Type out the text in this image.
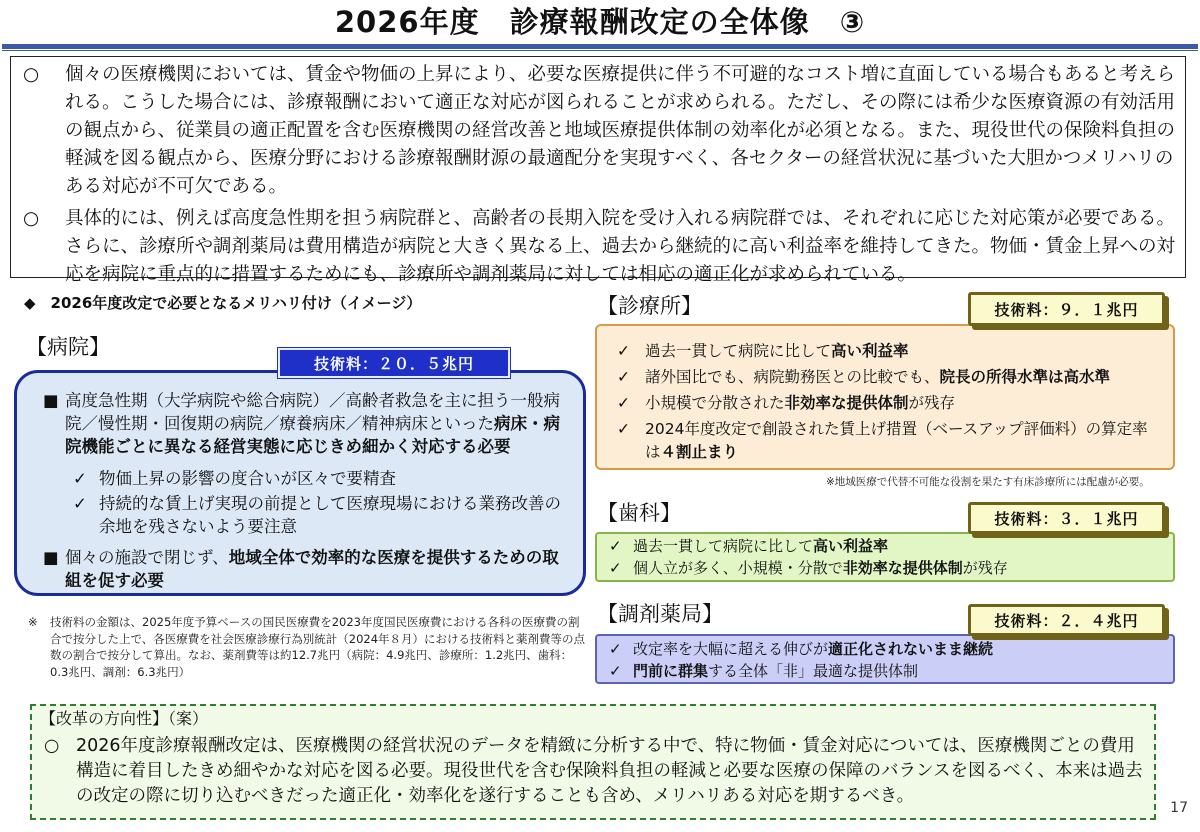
2026年度　診療報酬改定の全体像　③
○ 個々の医療機関においては、賃金や物価の上昇により、必要な医療提供に伴う不可避的なコスト増に直面している場合もあると考えられる。こうした場合には、診療報酬において適正な対応が図られることが求められる。ただし、その際には希少な医療資源の有効活用の観点から、従業員の適正配置を含む医療機関の経営改善と地域医療提供体制の効率化が必須となる。また、現役世代の保険料負担の軽減を図る観点から、医療分野における診療報酬財源の最適配分を実現すべく、各セクターの経営状況に基づいた大胆かつメリハリのある対応が不可欠である。
○ 具体的には、例えば高度急性期を担う病院群と、高齢者の長期入院を受け入れる病院群では、それぞれに応じた対応策が必要である。さらに、診療所や調剤薬局は費用構造が病院と大きく異なる上、過去から継続的に高い利益率を維持してきた。物価・賃金上昇への対応を病院に重点的に措置するためにも、診療所や調剤薬局に対しては相応の適正化が求められている。
◆　2026年度改定で必要となるメリハリ付け（イメージ）
【病院】
■ 高度急性期（大学病院や総合病院）／高齢者救急を主に担う一般病院／慢性期・回復期の病院／療養病床／精神病床といった病床・病院機能ごとに異なる経営実態に応じきめ細かく対応する必要
✓ 物価上昇の影響の度合いが区々で要精査
✓ 持続的な賃上げ実現の前提として医療現場における業務改善の余地を残さないよう要注意
■ 個々の施設で閉じず、地域全体で効率的な医療を提供するための取組を促す必要
技術料：２０．５兆円
※	技術料の金額は、2025年度予算ベースの国民医療費を2023年度国民医療費における各科の医療費の割合で按分した上で、各医療費を社会医療診療行為別統計（2024年８月）における技術料と薬剤費等の点数の割合で按分して算出。なお、薬剤費等は約12.7兆円（病院：4.9兆円、診療所：1.2兆円、歯科：0.3兆円、調剤：6.3兆円）
【診療所】
✓ 過去一貫して病院に比して高い利益率
✓ 諸外国比でも、病院勤務医との比較でも、院長の所得水準は高水準
✓ 小規模で分散された非効率な提供体制が残存
✓ 2024年度改定で創設された賃上げ措置（ベースアップ評価料）の算定率は４割止まり
技術料：９．１兆円
※地域医療で代替不可能な役割を果たす有床診療所には配慮が必要。
【歯科】
✓ 過去一貫して病院に比して高い利益率
✓ 個人立が多く、小規模・分散で非効率な提供体制が残存
技術料：３．１兆円
【調剤薬局】
✓ 改定率を大幅に超える伸びが適正化されないまま継続
✓ 門前に群集する全体「非」最適な提供体制
技術料：２．４兆円
【改革の方向性】（案）
○ 2026年度診療報酬改定は、医療機関の経営状況のデータを精緻に分析する中で、特に物価・賃金対応については、医療機関ごとの費用構造に着目したきめ細やかな対応を図る必要。現役世代を含む保険料負担の軽減と必要な医療の保障のバランスを図るべく、本来は過去の改定の際に切り込むべきだった適正化・効率化を遂行することも含め、メリハリある対応を期するべき。
17
